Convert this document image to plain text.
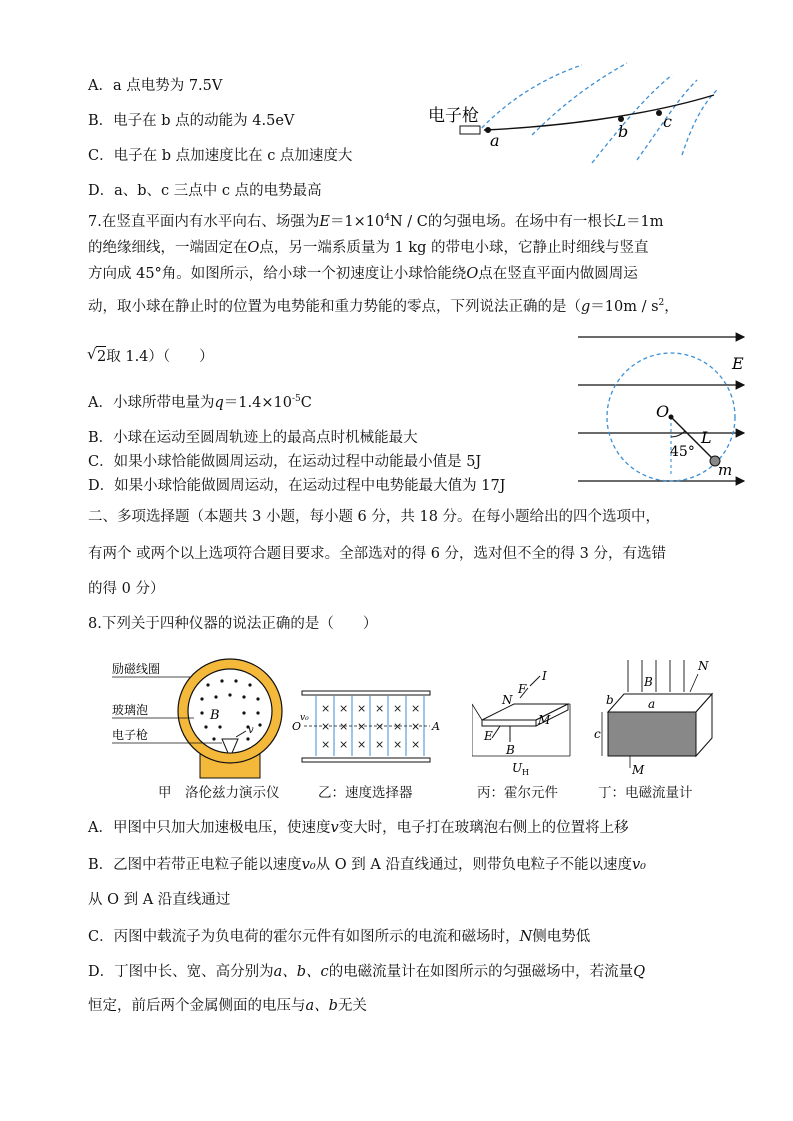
A．a 点电势为 7.5V
B．电子在 b 点的动能为 4.5eV
C．电子在 b 点加速度比在 c 点加速度大
D．a、b、c 三点中 c 点的电势最高
电子枪
a	b
c
7.在竖直平面内有水平向右、场强为$E=1\times 10^4N / C$的匀强电场。在场中有一根长L＝1m
的绝缘细线，一端固定在O点，另一端系质量为 1 kg 的带电小球，它静止时细线与竖直
方向成 45°角。如图所示，给小球一个初速度让小球恰能绕O点在竖直平面内做圆周运
动，取小球在静止时的位置为电势能和重力势能的零点，下列说法正确的是（$g=10m / s^2$，
√ 2取 1.4）（　　）
A．小球所带电量为$q=1.4\times 10^{-5}C$
B．小球在运动至圆周轨迹上的最高点时机械能最大
C．如果小球恰能做圆周运动，在运动过程中动能最小值是 5J
D．如果小球恰能做圆周运动，在运动过程中电势能最大值为 17J
E
O
L
45°
m
二、多项选择题（本题共 3 小题，每小题 6 分，共 18 分。在每小题给出的四个选项中，
有两个 或两个以上选项符合题目要求。全部选对的得 6 分，选对但不全的得 3 分，有选错
的得 0 分）
8.下列关于四种仪器的说法正确的是（　　）
励磁线圈
玻璃泡
电子枪
B
v
甲　洛伦兹力演示仪
× × × × × ×
× × × × × ×
× × × × × ×
v₀
O	A
乙：速度选择器
I
F
N
M
E
B
U H
丙：霍尔元件
N
B
a
b
c
M
丁：电磁流量计
A．甲图中只加大加速极电压，使速度v变大时，电子打在玻璃泡右侧上的位置将上移
B．乙图中若带正电粒子能以速度v₀从 O 到 A 沿直线通过，则带负电粒子不能以速度v₀
从 O 到 A 沿直线通过
C．丙图中载流子为负电荷的霍尔元件有如图所示的电流和磁场时，N侧电势低
D．丁图中长、宽、高分别为a、b、c的电磁流量计在如图所示的匀强磁场中，若流量Q
恒定，前后两个金属侧面的电压与a、b无关
